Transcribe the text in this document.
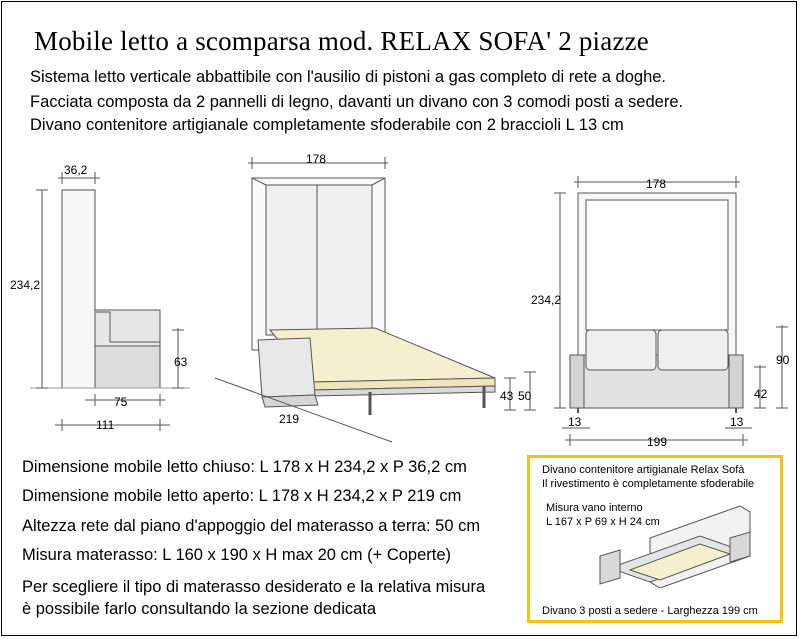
Mobile letto a scomparsa mod. RELAX SOFA' 2 piazze
Sistema letto verticale abbattibile con l'ausilio di pistoni a gas completo di rete a doghe.
Facciata composta da 2 pannelli di legno, davanti un divano con 3 comodi posti a sedere.
Divano contenitore artigianale completamente sfoderabile con 2 braccioli L 13 cm
36,2
234,2
63
75
111
178
219
50
43
178
234,2
90
42
13	13
199
Dimensione mobile letto chiuso: L 178 x H 234,2 x P 36,2 cm
Dimensione mobile letto aperto: L 178 x H 234,2 x P 219 cm
Altezza rete dal piano d'appoggio del materasso a terra: 50 cm
Misura materasso: L 160 x 190 x H max 20 cm (+ Coperte)
Per scegliere il tipo di materasso desiderato e la relativa misura
è possibile farlo consultando la sezione dedicata
Divano contenitore artigianale Relax Sofà
Il rivestimento è completamente sfoderabile
Misura vano interno
L 167 x P 69 x H 24 cm
Divano 3 posti a sedere - Larghezza 199 cm
